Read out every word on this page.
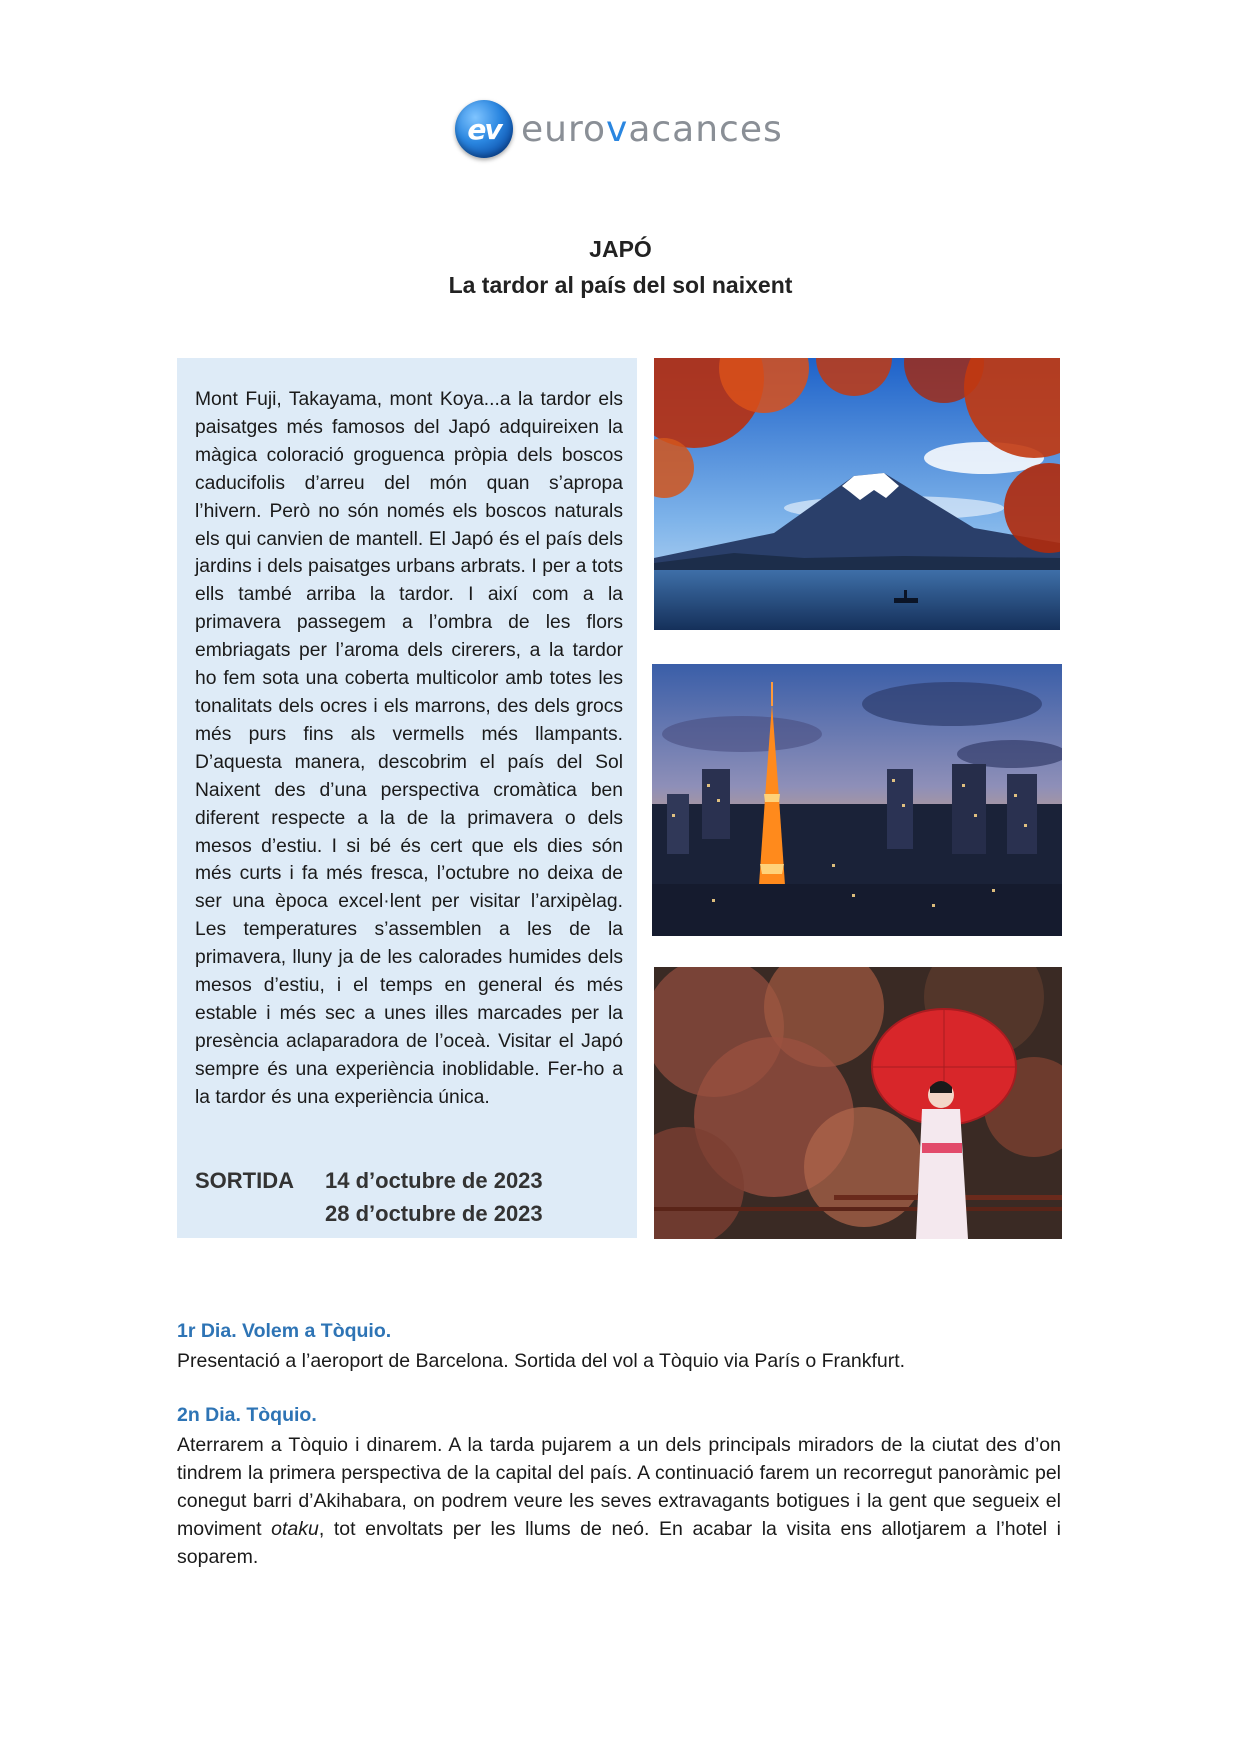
ev eurovacances
JAPÓ
La tardor al país del sol naixent
Mont Fuji, Takayama, mont Koya...a la tardor els paisatges més famosos del Japó adquireixen la màgica coloració groguenca pròpia dels boscos caducifolis d’arreu del món quan s’apropa l’hivern. Però no són només els boscos naturals els qui canvien de mantell. El Japó és el país dels jardins i dels paisatges urbans arbrats. I per a tots ells també arriba la tardor. I així com a la primavera passegem a l’ombra de les flors embriagats per l’aroma dels cirerers, a la tardor ho fem sota una coberta multicolor amb totes les tonalitats dels ocres i els marrons, des dels grocs més purs fins als vermells més llampants. D’aquesta manera, descobrim el país del Sol Naixent des d’una perspectiva cromàtica ben diferent respecte a la de la primavera o dels mesos d’estiu. I si bé és cert que els dies són més curts i fa més fresca, l’octubre no deixa de ser una època excel·lent per visitar l’arxipèlag. Les temperatures s’assemblen a les de la primavera, lluny ja de les calorades humides dels mesos d’estiu, i el temps en general és més estable i més sec a unes illes marcades per la presència aclaparadora de l’oceà. Visitar el Japó sempre és una experiència inoblidable. Fer-ho a la tardor és una experiència única.
SORTIDA 14 d’octubre de 2023
28 d’octubre de 2023
1r Dia. Volem a Tòquio.
Presentació a l’aeroport de Barcelona. Sortida del vol a Tòquio via París o Frankfurt.
2n Dia. Tòquio.
Aterrarem a Tòquio i dinarem. A la tarda pujarem a un dels principals miradors de la ciutat des d’on tindrem la primera perspectiva de la capital del país. A continuació farem un recorregut panoràmic pel conegut barri d’Akihabara, on podrem veure les seves extravagants botigues i la gent que segueix el moviment otaku, tot envoltats per les llums de neó. En acabar la visita ens allotjarem a l’hotel i soparem.
